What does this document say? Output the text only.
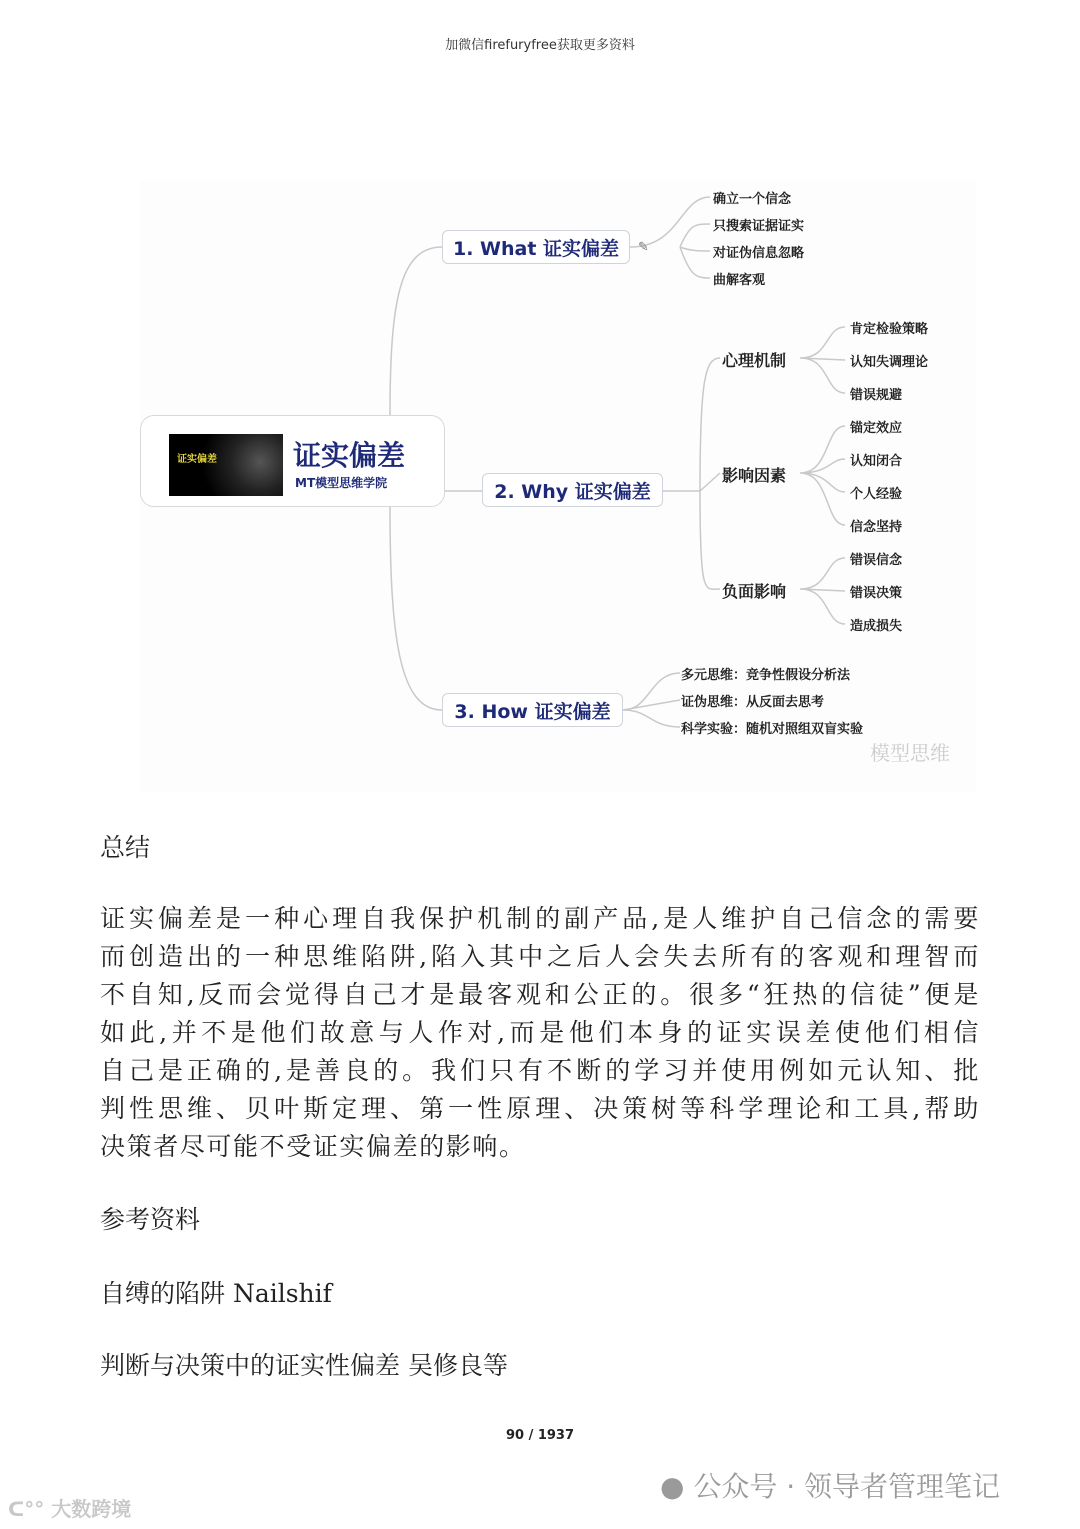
加微信firefuryfree获取更多资料
证实偏差	证实偏差
MT模型思维学院
1. What 证实偏差	✎
确立一个信念
只搜索证据证实
对证伪信息忽略
曲解客观
2. Why 证实偏差
心理机制
影响因素
负面影响
肯定检验策略
认知失调理论
错误规避
锚定效应
认知闭合
个人经验
信念坚持
错误信念
错误决策
造成损失
3. How 证实偏差
多元思维：竞争性假设分析法
证伪思维：从反面去思考
科学实验：随机对照组双盲实验
模型思维
总结
证实偏差是一种心理自我保护机制的副产品,是人维护自己信念的需要
而创造出的一种思维陷阱,陷入其中之后人会失去所有的客观和理智而
不自知,反而会觉得自己才是最客观和公正的。很多“狂热的信徒”便是
如此,并不是他们故意与人作对,而是他们本身的证实误差使他们相信
自己是正确的,是善良的。我们只有不断的学习并使用例如元认知、批
判性思维、贝叶斯定理、第一性原理、决策树等科学理论和工具,帮助
决策者尽可能不受证实偏差的影响。
参考资料
自缚的陷阱 Nailshif
判断与决策中的证实性偏差 吴修良等
90 / 1937
● 公众号 · 领导者管理笔记
ᑕ°° 大数跨境
